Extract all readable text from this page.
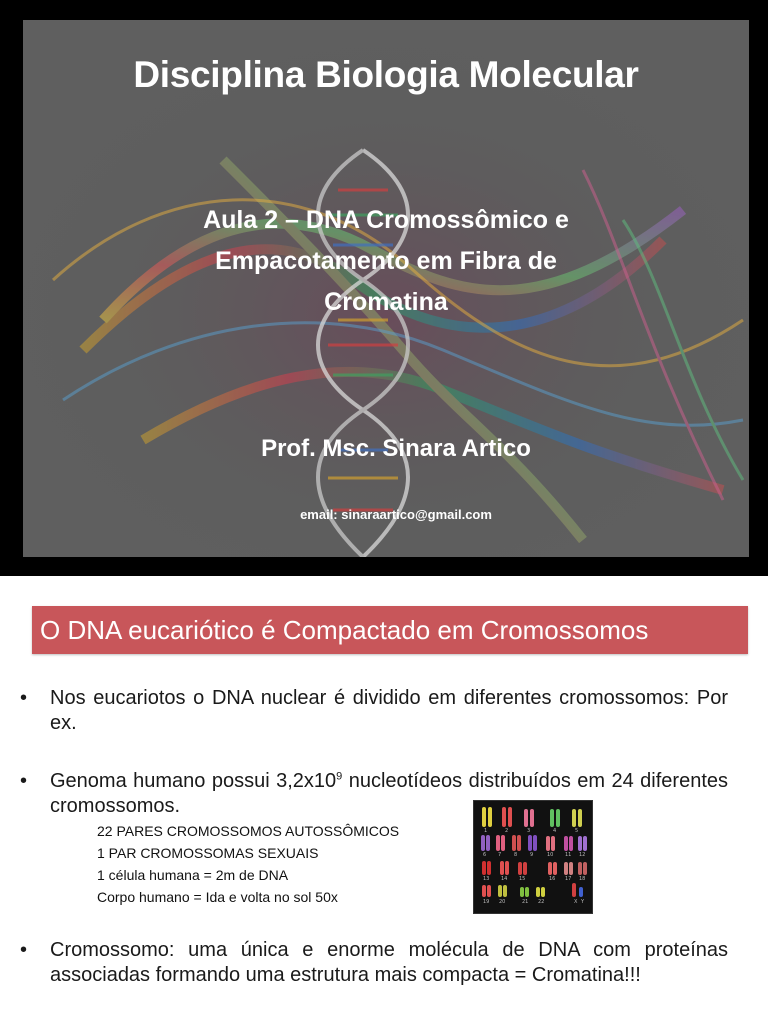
Disciplina Biologia Molecular
Aula 2 – DNA Cromossômico e
Empacotamento em Fibra de
Cromatina
Prof. Msc. Sinara Artico
email: sinaraartico@gmail.com
O DNA eucariótico é Compactado em Cromossomos
•	Nos eucariotos o DNA nuclear é dividido em diferentes cromossomos: Por ex.
•	Genoma humano possui $3,2x10^9$ nucleotídeos distribuídos em 24 diferentes cromossomos.
22 PARES CROMOSSOMOS AUTOSSÔMICOS
1 PAR CROMOSSOMAS SEXUAIS
1 célula humana = 2m de DNA
Corpo humano = Ida e volta no sol 50x
1	2	3	4	5
6 7	8	9	10 11 12
13 14 15	16 17 18
19 20	21 22	X Y
•	Cromossomo: uma única e enorme molécula de DNA com proteínas associadas formando uma estrutura mais compacta = Cromatina!!!
